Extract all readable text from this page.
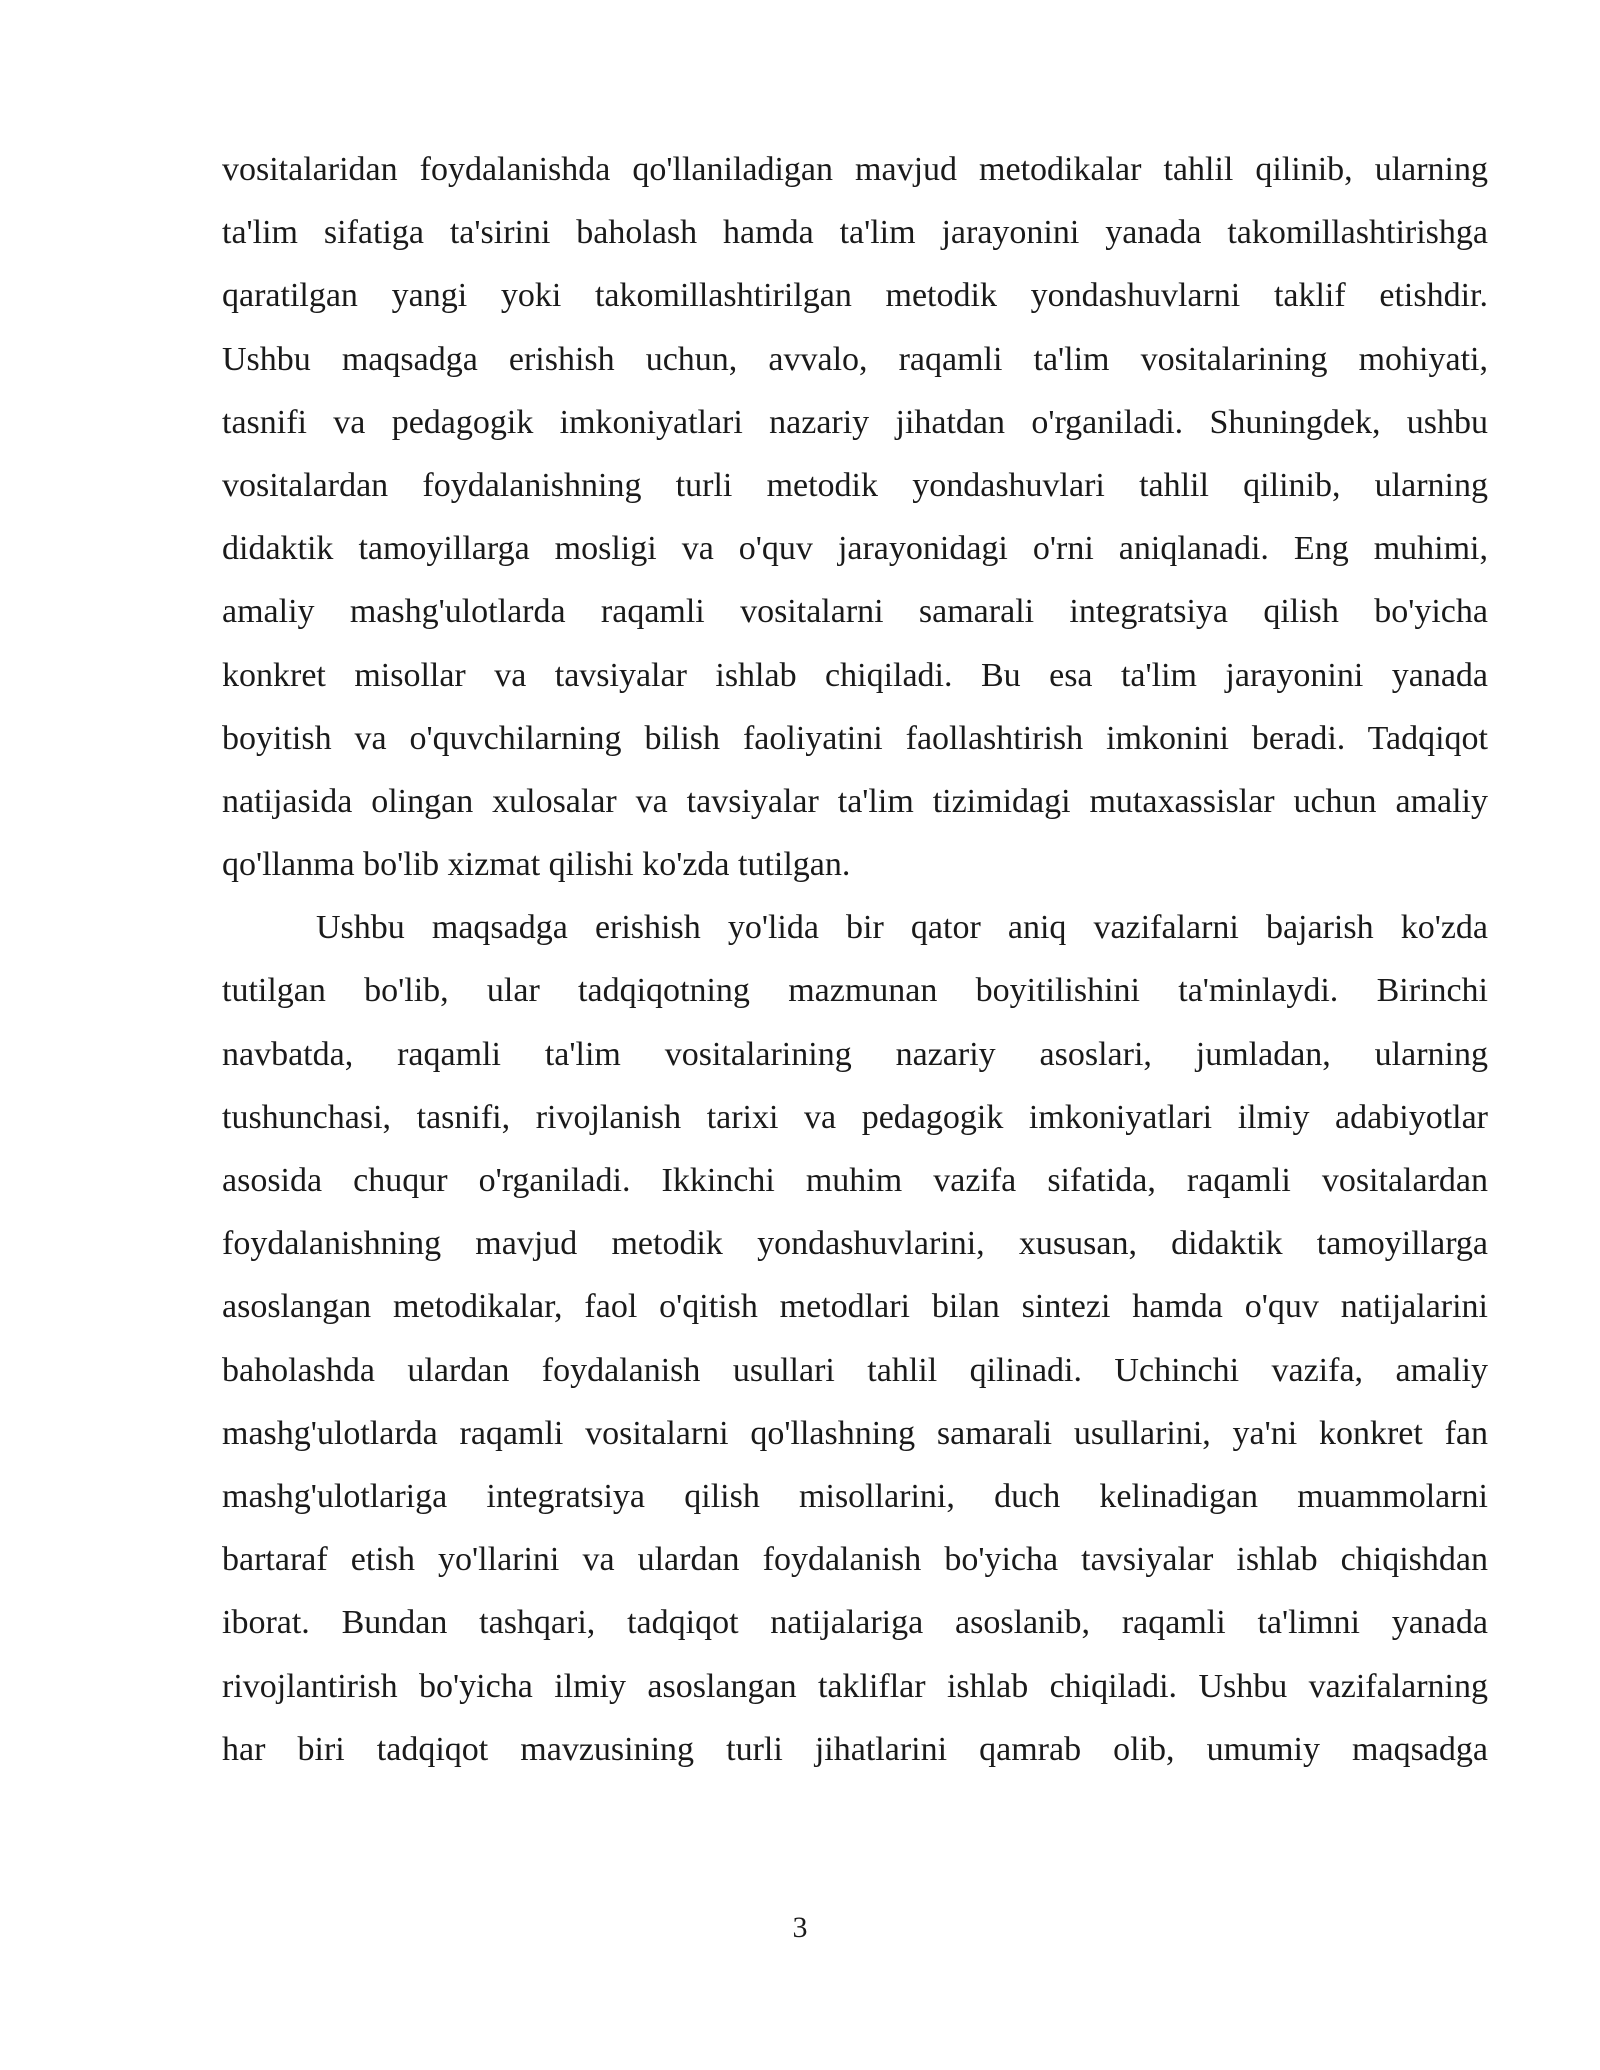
vositalaridan foydalanishda qo'llaniladigan mavjud metodikalar tahlil qilinib, ularning
ta'lim sifatiga ta'sirini baholash hamda ta'lim jarayonini yanada takomillashtirishga
qaratilgan yangi yoki takomillashtirilgan metodik yondashuvlarni taklif etishdir.
Ushbu maqsadga erishish uchun, avvalo, raqamli ta'lim vositalarining mohiyati,
tasnifi va pedagogik imkoniyatlari nazariy jihatdan o'rganiladi. Shuningdek, ushbu
vositalardan foydalanishning turli metodik yondashuvlari tahlil qilinib, ularning
didaktik tamoyillarga mosligi va o'quv jarayonidagi o'rni aniqlanadi. Eng muhimi,
amaliy mashg'ulotlarda raqamli vositalarni samarali integratsiya qilish bo'yicha
konkret misollar va tavsiyalar ishlab chiqiladi. Bu esa ta'lim jarayonini yanada
boyitish va o'quvchilarning bilish faoliyatini faollashtirish imkonini beradi. Tadqiqot
natijasida olingan xulosalar va tavsiyalar ta'lim tizimidagi mutaxassislar uchun amaliy
qo'llanma bo'lib xizmat qilishi ko'zda tutilgan.
Ushbu maqsadga erishish yo'lida bir qator aniq vazifalarni bajarish ko'zda
tutilgan bo'lib, ular tadqiqotning mazmunan boyitilishini ta'minlaydi. Birinchi
navbatda, raqamli ta'lim vositalarining nazariy asoslari, jumladan, ularning
tushunchasi, tasnifi, rivojlanish tarixi va pedagogik imkoniyatlari ilmiy adabiyotlar
asosida chuqur o'rganiladi. Ikkinchi muhim vazifa sifatida, raqamli vositalardan
foydalanishning mavjud metodik yondashuvlarini, xususan, didaktik tamoyillarga
asoslangan metodikalar, faol o'qitish metodlari bilan sintezi hamda o'quv natijalarini
baholashda ulardan foydalanish usullari tahlil qilinadi. Uchinchi vazifa, amaliy
mashg'ulotlarda raqamli vositalarni qo'llashning samarali usullarini, ya'ni konkret fan
mashg'ulotlariga integratsiya qilish misollarini, duch kelinadigan muammolarni
bartaraf etish yo'llarini va ulardan foydalanish bo'yicha tavsiyalar ishlab chiqishdan
iborat. Bundan tashqari, tadqiqot natijalariga asoslanib, raqamli ta'limni yanada
rivojlantirish bo'yicha ilmiy asoslangan takliflar ishlab chiqiladi. Ushbu vazifalarning
har biri tadqiqot mavzusining turli jihatlarini qamrab olib, umumiy maqsadga
3
